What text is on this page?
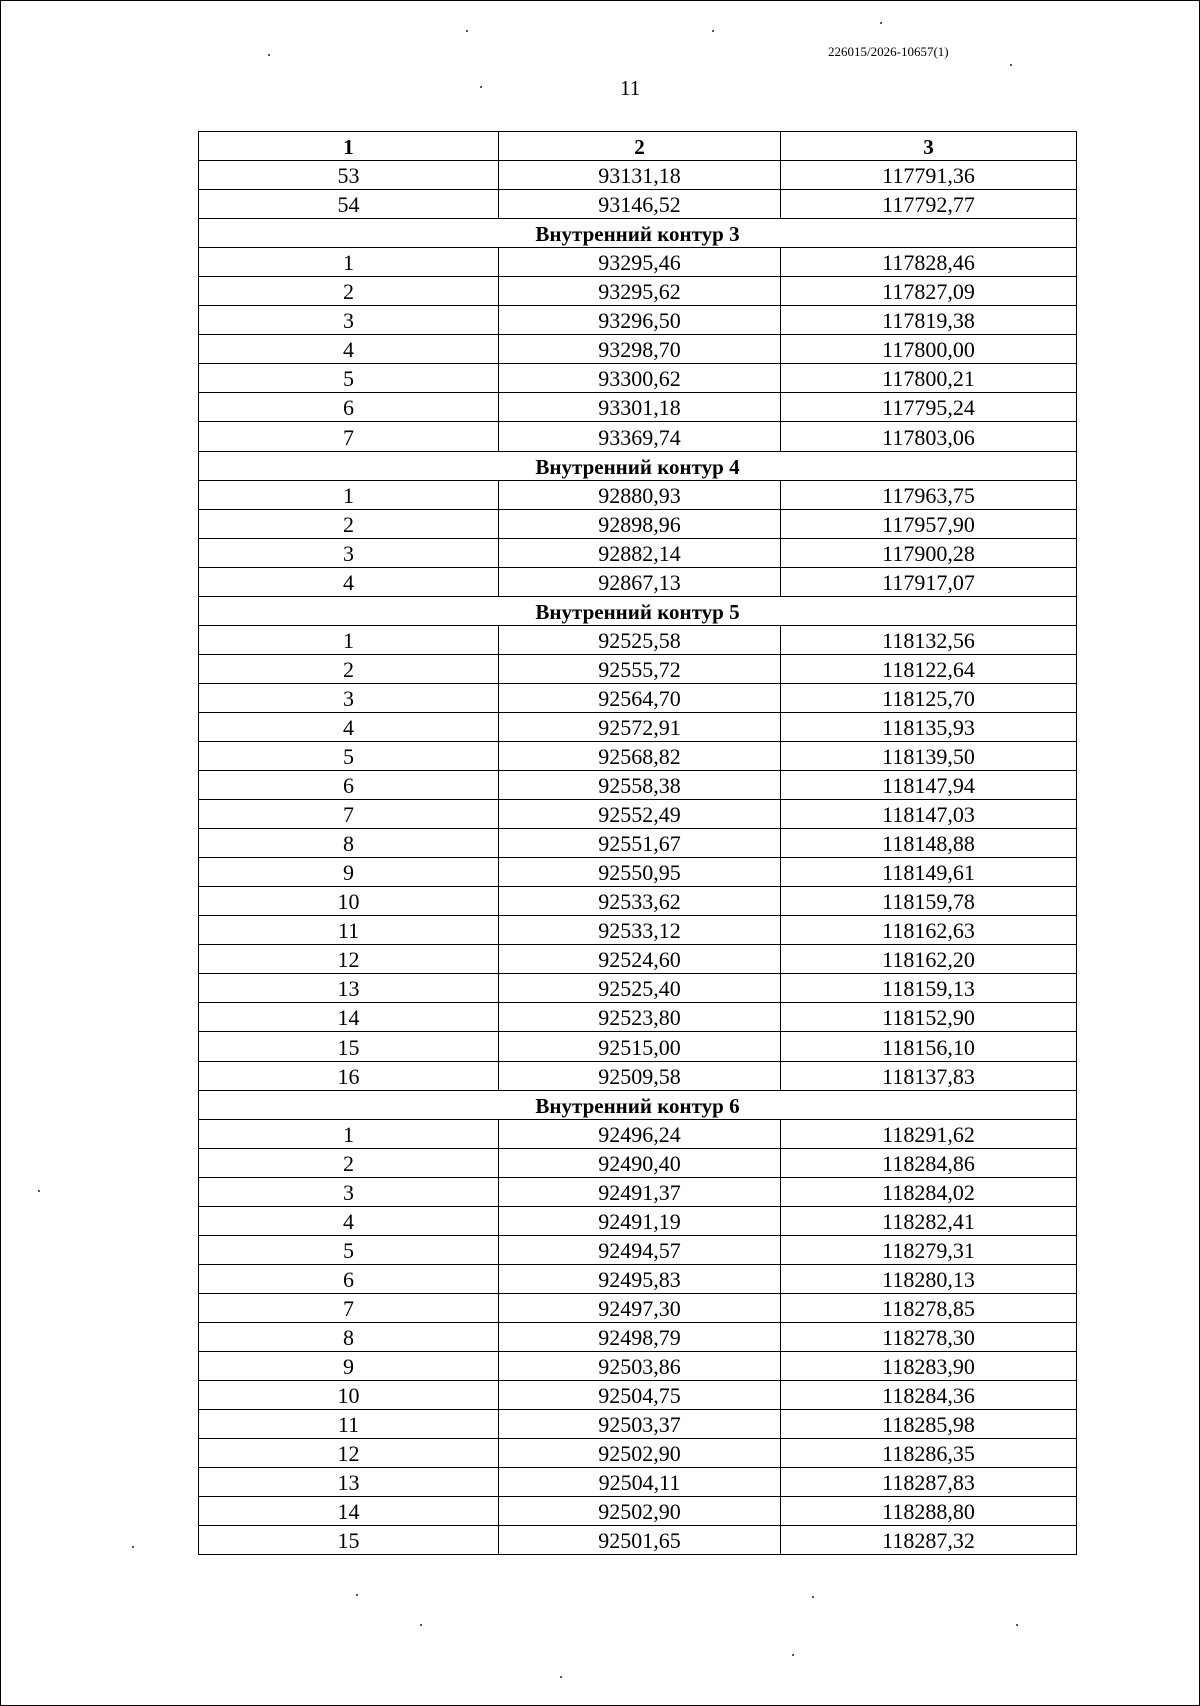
226015/2026-10657(1)
11
1	2	3
53	93131,18	117791,36
54	93146,52	117792,77
Внутренний контур 3		
1	93295,46	117828,46
2	93295,62	117827,09
3	93296,50	117819,38
4	93298,70	117800,00
5	93300,62	117800,21
6	93301,18	117795,24
7	93369,74	117803,06
Внутренний контур 4		
1	92880,93	117963,75
2	92898,96	117957,90
3	92882,14	117900,28
4	92867,13	117917,07
Внутренний контур 5		
1	92525,58	118132,56
2	92555,72	118122,64
3	92564,70	118125,70
4	92572,91	118135,93
5	92568,82	118139,50
6	92558,38	118147,94
7	92552,49	118147,03
8	92551,67	118148,88
9	92550,95	118149,61
10	92533,62	118159,78
11	92533,12	118162,63
12	92524,60	118162,20
13	92525,40	118159,13
14	92523,80	118152,90
15	92515,00	118156,10
16	92509,58	118137,83
Внутренний контур 6		
1	92496,24	118291,62
2	92490,40	118284,86
3	92491,37	118284,02
4	92491,19	118282,41
5	92494,57	118279,31
6	92495,83	118280,13
7	92497,30	118278,85
8	92498,79	118278,30
9	92503,86	118283,90
10	92504,75	118284,36
11	92503,37	118285,98
12	92502,90	118286,35
13	92504,11	118287,83
14	92502,90	118288,80
15	92501,65	118287,32
